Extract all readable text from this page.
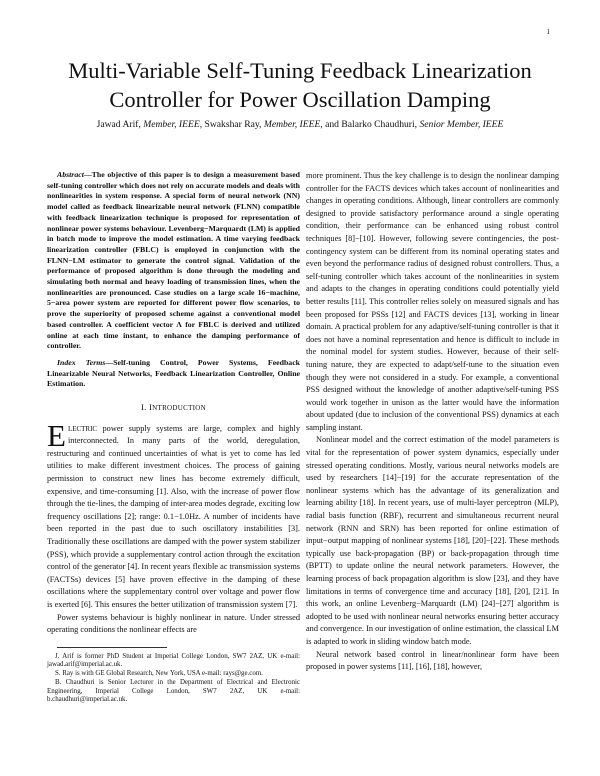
1
Multi-Variable Self-Tuning Feedback Linearization Controller for Power Oscillation Damping
Jawad Arif, Member, IEEE, Swakshar Ray, Member, IEEE, and Balarko Chaudhuri, Senior Member, IEEE

Abstract—The objective of this paper is to design a measurement based self-tuning controller which does not rely on accurate models and deals with nonlinearities in system response. A special form of neural network (NN) model called as feedback linearizable neural network (FLNN) compatible with feedback linearization technique is proposed for representation of nonlinear power systems behaviour. Levenberg−Marquardt (LM) is applied in batch mode to improve the model estimation. A time varying feedback linearization controller (FBLC) is employed in conjunction with the FLNN−LM estimator to generate the control signal. Validation of the performance of proposed algorithm is done through the modeling and simulating both normal and heavy loading of transmission lines, when the nonlinearities are pronounced. Case studies on a large scale 16−machine, 5−area power system are reported for different power flow scenarios, to prove the superiority of proposed scheme against a conventional model based controller. A coefficient vector Λ for FBLC is derived and utilized online at each time instant, to enhance the damping performance of controller.

Index Terms—Self-tuning Control, Power Systems, Feedback Linearizable Neural Networks, Feedback Linearization Controller, Online Estimation.

I. INTRODUCTION

ELECTRIC power supply systems are large, complex and highly interconnected. In many parts of the world, deregulation, restructuring and continued uncertainties of what is yet to come has led utilities to make different investment choices. The process of gaining permission to construct new lines has become extremely difficult, expensive, and time-consuming [1]. Also, with the increase of power flow through the tie-lines, the damping of inter-area modes degrade, exciting low frequency oscillations [2]; range: 0.1−1.0Hz. A number of incidents have been reported in the past due to such oscillatory instabilities [3]. Traditionally these oscillations are damped with the power system stabilizer (PSS), which provide a supplementary control action through the excitation control of the generator [4]. In recent years flexible ac transmission systems (FACTSs) devices [5] have proven effective in the damping of these oscillations where the supplementary control over voltage and power flow is exerted [6]. This ensures the better utilization of transmission system [7].

Power systems behaviour is highly nonlinear in nature. Under stressed operating conditions the nonlinear effects are

J. Arif is former PhD Student at Imperial College London, SW7 2AZ, UK e-mail: jawad.arif@imperial.ac.uk.

S. Ray is with GE Global Research, New York, USA e-mail: rays@ge.com.

B. Chaudhuri is Senior Lecturer in the Department of Electrical and Electronic Engineering, Imperial College London, SW7 2AZ, UK e-mail: b.chaudhuri@imperial.ac.uk.

more prominent. Thus the key challenge is to design the nonlinear damping controller for the FACTS devices which takes account of nonlinearities and changes in operating conditions. Although, linear controllers are commonly designed to provide satisfactory performance around a single operating condition, their performance can be enhanced using robust control techniques [8]−[10]. However, following severe contingencies, the post-contingency system can be different from its nominal operating states and even beyond the performance radius of designed robust controllers. Thus, a self-tuning controller which takes account of the nonlinearities in system and adapts to the changes in operating conditions could potentially yield better results [11]. This controller relies solely on measured signals and has been proposed for PSSs [12] and FACTS devices [13], working in linear domain. A practical problem for any adaptive/self-tuning controller is that it does not have a nominal representation and hence is difficult to include in the nominal model for system studies. However, because of their self-tuning nature, they are expected to adapt/self-tune to the situation even though they were not considered in a study. For example, a conventional PSS designed without the knowledge of another adaptive/self-tuning PSS would work together in unison as the latter would have the information about updated (due to inclusion of the conventional PSS) dynamics at each sampling instant.

Nonlinear model and the correct estimation of the model parameters is vital for the representation of power system dynamics, especially under stressed operating conditions. Mostly, various neural networks models are used by researchers [14]−[19] for the accurate representation of the nonlinear systems which has the advantage of its generalization and learning ability [18]. In recent years, use of multi-layer perceptron (MLP), radial basis function (RBF), recurrent and simultaneous recurrent neural network (RNN and SRN) has been reported for online estimation of input−output mapping of nonlinear systems [18], [20]−[22]. These methods typically use back-propagation (BP) or back-propagation through time (BPTT) to update online the neural network parameters. However, the learning process of back propagation algorithm is slow [23], and they have limitations in terms of convergence time and accuracy [18], [20], [21]. In this work, an online Levenberg−Marquardt (LM) [24]−[27] algorithm is adopted to be used with nonlinear neural networks ensuring better accuracy and convergence. In our investigation of online estimation, the classical LM is adapted to work in sliding window batch mode.

Neural network based control in linear/nonlinear form have been proposed in power systems [11], [16], [18], however,
